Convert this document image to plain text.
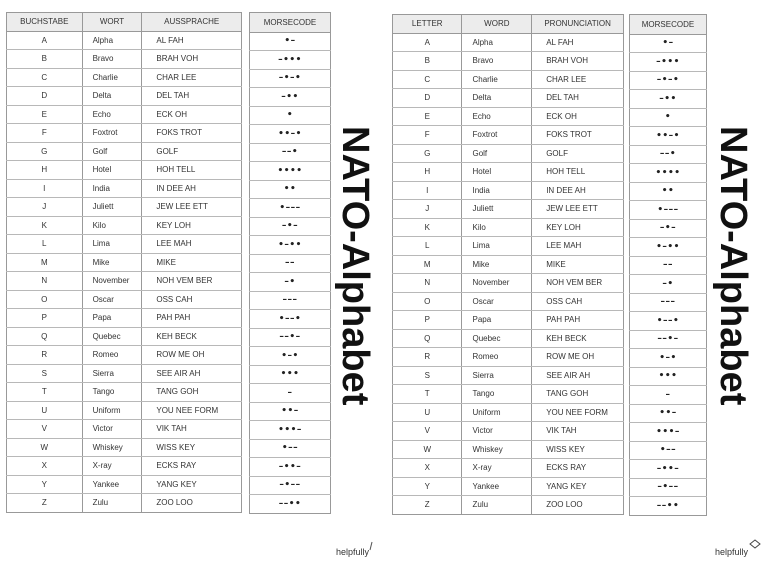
BUCHSTABE	WORT	AUSSPRACHE
A	Alpha	AL FAH
B	Bravo	BRAH VOH
C	Charlie	CHAR LEE
D	Delta	DEL TAH
E	Echo	ECK OH
F	Foxtrot	FOKS TROT
G	Golf	GOLF
H	Hotel	HOH TELL
I	India	IN DEE AH
J	Juliett	JEW LEE ETT
K	Kilo	KEY LOH
L	Lima	LEE MAH
M	Mike	MIKE
N	November	NOH VEM BER
O	Oscar	OSS CAH
P	Papa	PAH PAH
Q	Quebec	KEH BECK
R	Romeo	ROW ME OH
S	Sierra	SEE AIR AH
T	Tango	TANG GOH
U	Uniform	YOU NEE FORM
V	Victor	VIK TAH
W	Whiskey	WISS KEY
X	X-ray	ECKS RAY
Y	Yankee	YANG KEY
Z	Zulu	ZOO LOO
MORSECODE
•–
–•••
–•–•
–••
•
••–•
––•
••••
••
•–––
–•–
•–••
––
–•
–––
•––•
––•–
•–•
•••
–
••–
•••–
•––
–••–
–•––
––••
NATO-Alphabet
helpfully
LETTER	WORD	PRONUNCIATION
A	Alpha	AL FAH
B	Bravo	BRAH VOH
C	Charlie	CHAR LEE
D	Delta	DEL TAH
E	Echo	ECK OH
F	Foxtrot	FOKS TROT
G	Golf	GOLF
H	Hotel	HOH TELL
I	India	IN DEE AH
J	Juliett	JEW LEE ETT
K	Kilo	KEY LOH
L	Lima	LEE MAH
M	Mike	MIKE
N	November	NOH VEM BER
O	Oscar	OSS CAH
P	Papa	PAH PAH
Q	Quebec	KEH BECK
R	Romeo	ROW ME OH
S	Sierra	SEE AIR AH
T	Tango	TANG GOH
U	Uniform	YOU NEE FORM
V	Victor	VIK TAH
W	Whiskey	WISS KEY
X	X-ray	ECKS RAY
Y	Yankee	YANG KEY
Z	Zulu	ZOO LOO
MORSECODE
•–
–•••
–•–•
–••
•
••–•
––•
••••
••
•–––
–•–
•–••
––
–•
–––
•––•
––•–
•–•
•••
–
••–
•••–
•––
–••–
–•––
––••
NATO-Alphabet
helpfully
